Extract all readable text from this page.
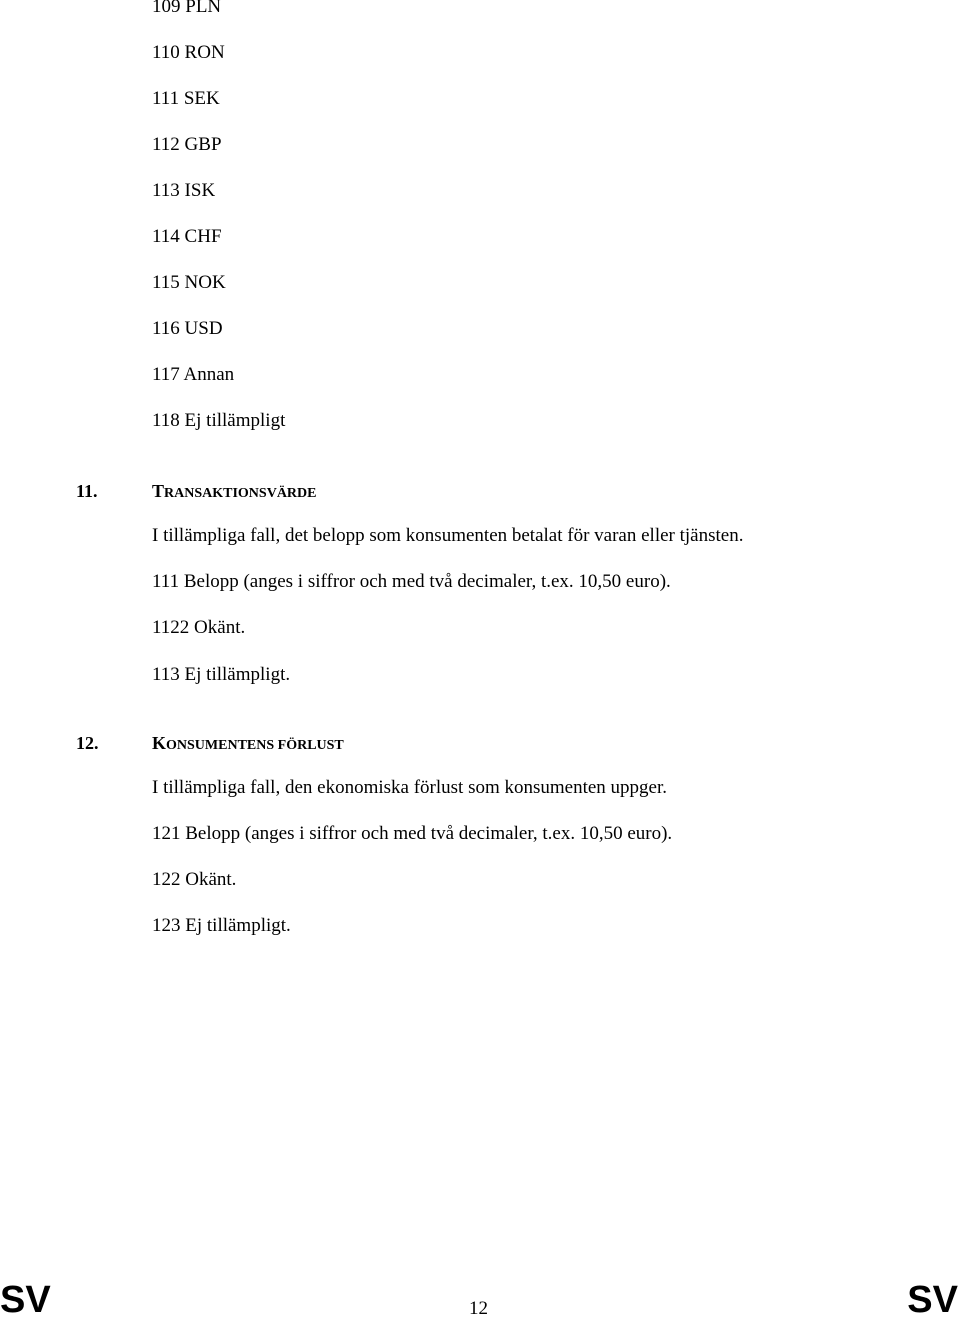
109 PLN
110 RON
111 SEK
112 GBP
113 ISK
114 CHF
115 NOK
116 USD
117 Annan
118 Ej tillämpligt
11.	TRANSAKTIONSVÄRDE
I tillämpliga fall, det belopp som konsumenten betalat för varan eller tjänsten.
111 Belopp (anges i siffror och med två decimaler, t.ex. 10,50 euro).
1122 Okänt.
113 Ej tillämpligt.
12.	KONSUMENTENS FÖRLUST
I tillämpliga fall, den ekonomiska förlust som konsumenten uppger.
121 Belopp (anges i siffror och med två decimaler, t.ex. 10,50 euro).
122 Okänt.
123 Ej tillämpligt.
SV	12	SV
